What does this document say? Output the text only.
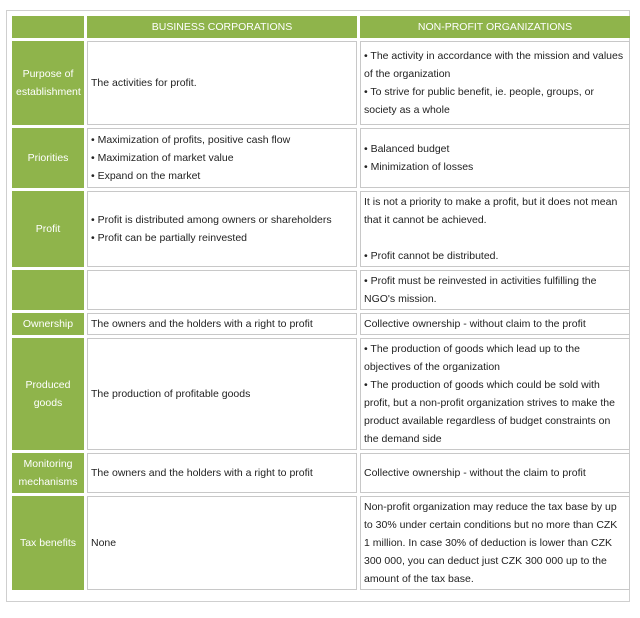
	BUSINESS CORPORATIONS	NON-PROFIT ORGANIZATIONS
Purpose of establishment	The activities for profit.	• The activity in accordance with the mission and values of the organization
• To strive for public benefit, ie. people, groups, or society as a whole

Priorities	• Maximization of profits, positive cash flow
• Maximization of market value
• Expand on the market	• Balanced budget
• Minimization of losses

Profit	• Profit is distributed among owners or shareholders
• Profit can be partially reinvested	It is not a priority to make a profit, but it does not mean that it cannot be achieved.
• Profit cannot be distributed.

		• Profit must be reinvested in activities fulfilling the NGO's mission.

Ownership	The owners and the holders with a right to profit	Collective ownership - without claim to the profit

Produced goods	The production of profitable goods	• The production of goods which lead up to the objectives of the organization
• The production of goods which could be sold with profit, but a non-profit organization strives to make the product available regardless of budget constraints on the demand side

Monitoring mechanisms	The owners and the holders with a right to profit	Collective ownership - without the claim to profit

Tax benefits	None	Non-profit organization may reduce the tax base by up to 30% under certain conditions but no more than CZK 1 million. In case 30% of deduction is lower than CZK 300 000, you can deduct just CZK 300 000 up to the amount of the tax base.
